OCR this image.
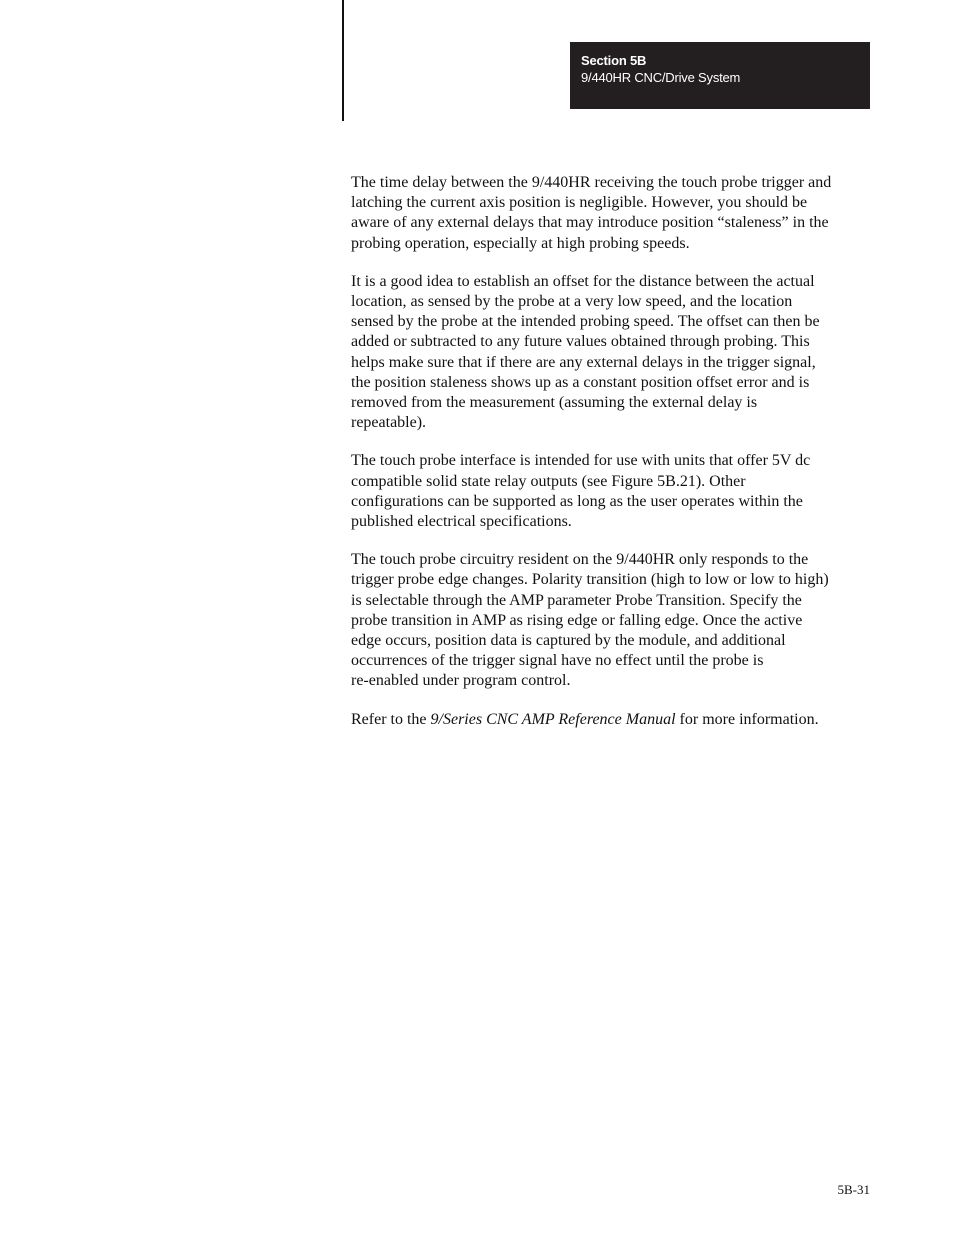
Section 5B
9/440HR CNC/Drive System

The time delay between the 9/440HR receiving the touch probe trigger and
latching the current axis position is negligible. However, you should be
aware of any external delays that may introduce position “staleness” in the
probing operation, especially at high probing speeds.

It is a good idea to establish an offset for the distance between the actual
location, as sensed by the probe at a very low speed, and the location
sensed by the probe at the intended probing speed. The offset can then be
added or subtracted to any future values obtained through probing. This
helps make sure that if there are any external delays in the trigger signal,
the position staleness shows up as a constant position offset error and is
removed from the measurement (assuming the external delay is
repeatable).

The touch probe interface is intended for use with units that offer 5V dc
compatible solid state relay outputs (see Figure 5B.21). Other
configurations can be supported as long as the user operates within the
published electrical specifications.

The touch probe circuitry resident on the 9/440HR only responds to the
trigger probe edge changes. Polarity transition (high to low or low to high)
is selectable through the AMP parameter Probe Transition. Specify the
probe transition in AMP as rising edge or falling edge. Once the active
edge occurs, position data is captured by the module, and additional
occurrences of the trigger signal have no effect until the probe is
re-enabled under program control.

Refer to the 9/Series CNC AMP Reference Manual for more information.

5B-31
